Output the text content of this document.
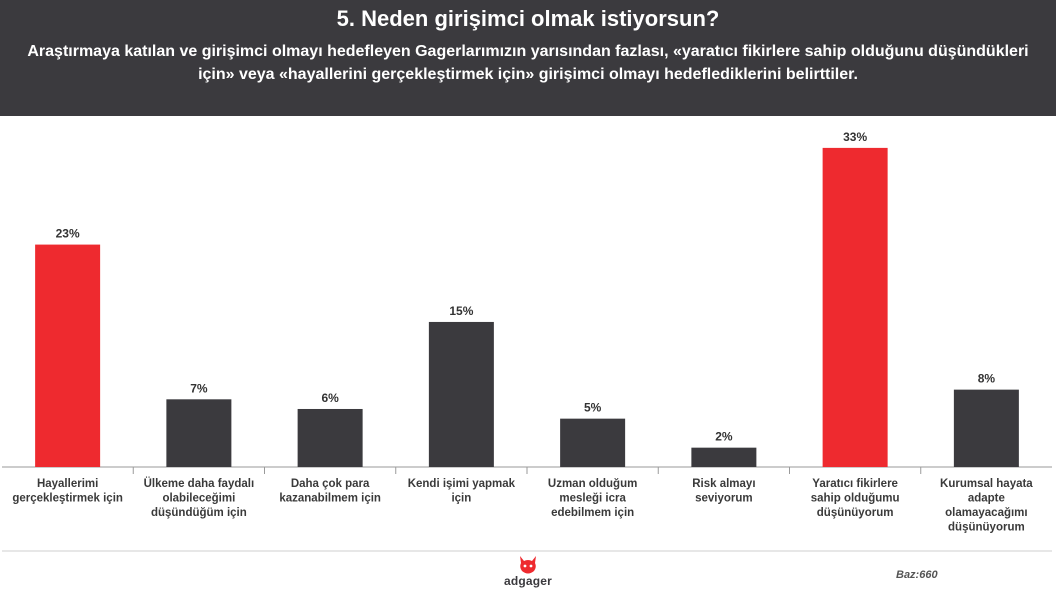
5. Neden girişimci olmak istiyorsun?
Araştırmaya katılan ve girişimci olmayı hedefleyen Gagerlarımızın yarısından fazlası, «yaratıcı fikirlere sahip olduğunu düşündükleri için» veya «hayallerini gerçekleştirmek için» girişimci olmayı hedeflediklerini belirttiler.
23%
Hayallerimi gerçekleştirmek için
7%
Ülkeme daha faydalı olabileceğimi düşündüğüm için
6%
Daha çok para kazanabilmem için
15%
Kendi işimi yapmak için
5%
Uzman olduğum mesleği icra edebilmem için
2%
Risk almayı seviyorum
33%
Yaratıcı fikirlere sahip olduğumu düşünüyorum
8%
Kurumsal hayata adapte olamayacağımı düşünüyorum
adgager	Baz:660
